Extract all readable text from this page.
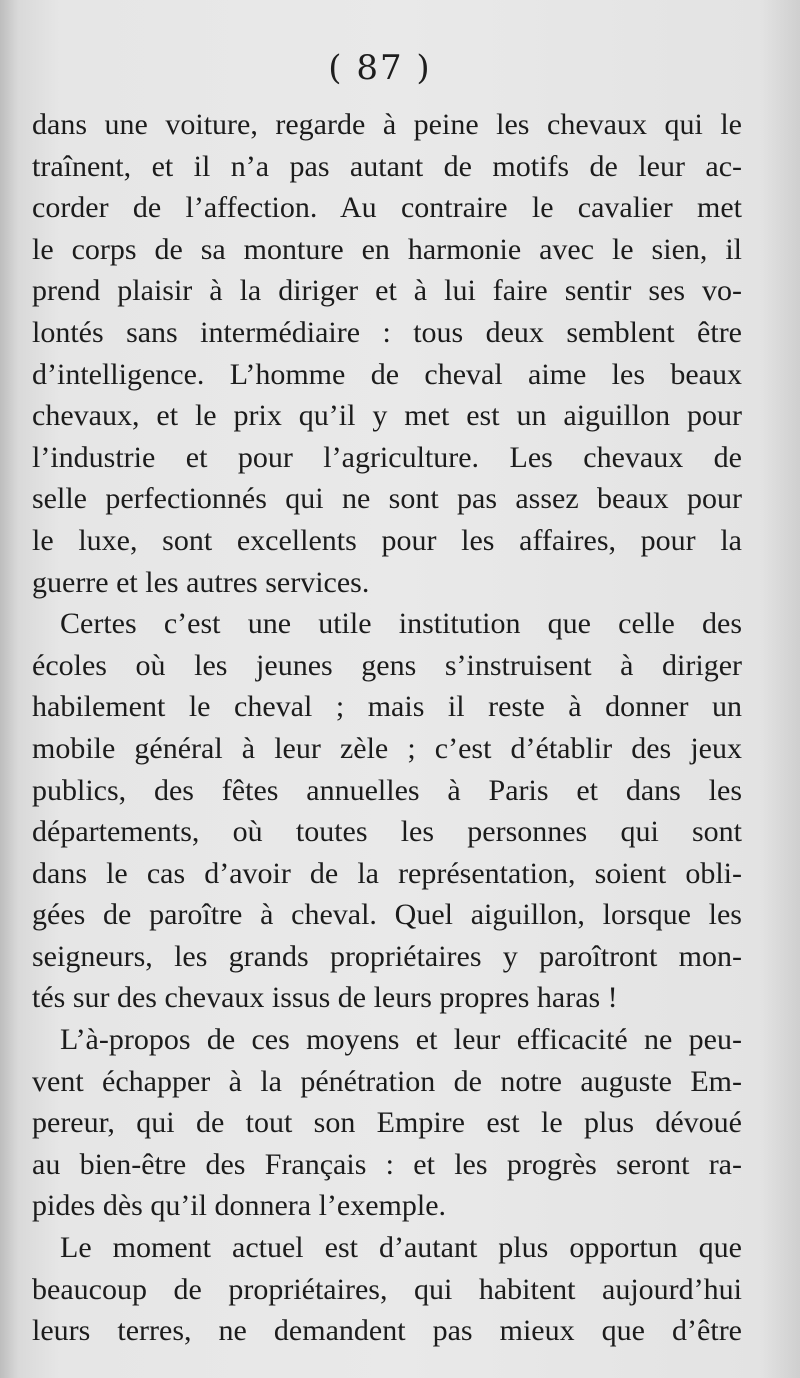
( 87 )
dans une voiture, regarde à peine les chevaux qui le
traînent, et il n’a pas autant de motifs de leur ac-
corder de l’affection. Au contraire le cavalier met
le corps de sa monture en harmonie avec le sien, il
prend plaisir à la diriger et à lui faire sentir ses vo-
lontés sans intermédiaire : tous deux semblent être
d’intelligence. L’homme de cheval aime les beaux
chevaux, et le prix qu’il y met est un aiguillon pour
l’industrie et pour l’agriculture. Les chevaux de
selle perfectionnés qui ne sont pas assez beaux pour
le luxe, sont excellents pour les affaires, pour la
guerre et les autres services.
Certes c’est une utile institution que celle des
écoles où les jeunes gens s’instruisent à diriger
habilement le cheval ; mais il reste à donner un
mobile général à leur zèle ; c’est d’établir des jeux
publics, des fêtes annuelles à Paris et dans les
départements, où toutes les personnes qui sont
dans le cas d’avoir de la représentation, soient obli-
gées de paroître à cheval. Quel aiguillon, lorsque les
seigneurs, les grands propriétaires y paroîtront mon-
tés sur des chevaux issus de leurs propres haras !
L’à-propos de ces moyens et leur efficacité ne peu-
vent échapper à la pénétration de notre auguste Em-
pereur, qui de tout son Empire est le plus dévoué
au bien-être des Français : et les progrès seront ra-
pides dès qu’il donnera l’exemple.
Le moment actuel est d’autant plus opportun que
beaucoup de propriétaires, qui habitent aujourd’hui
leurs terres, ne demandent pas mieux que d’être
